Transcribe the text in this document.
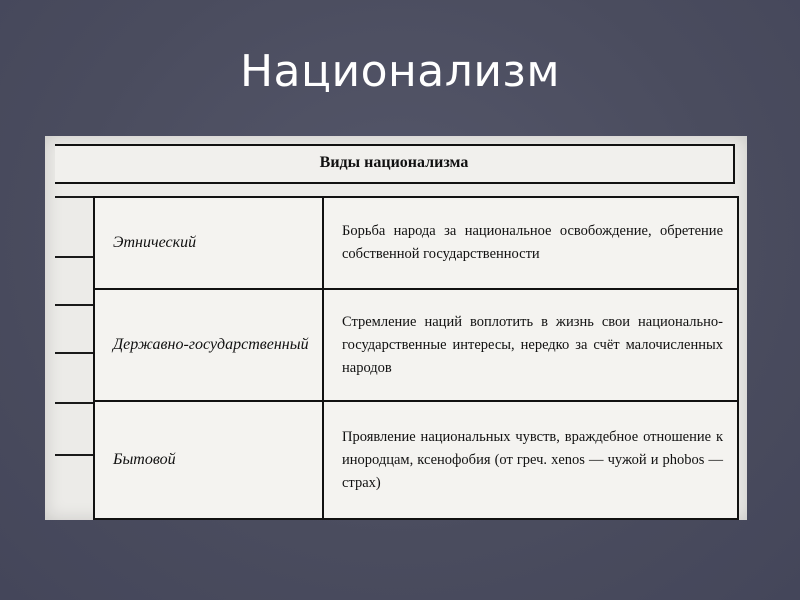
Национализм
Виды национализма
Этнический	Борьба народа за национальное освобождение, обретение собственной государственности
Державно-государственный	Стремление наций воплотить в жизнь свои национально-государственные интересы, нередко за счёт малочисленных народов
Бытовой	Проявление национальных чувств, враждебное отношение к инородцам, ксенофобия (от греч. xenos — чужой и phobos — страх)
